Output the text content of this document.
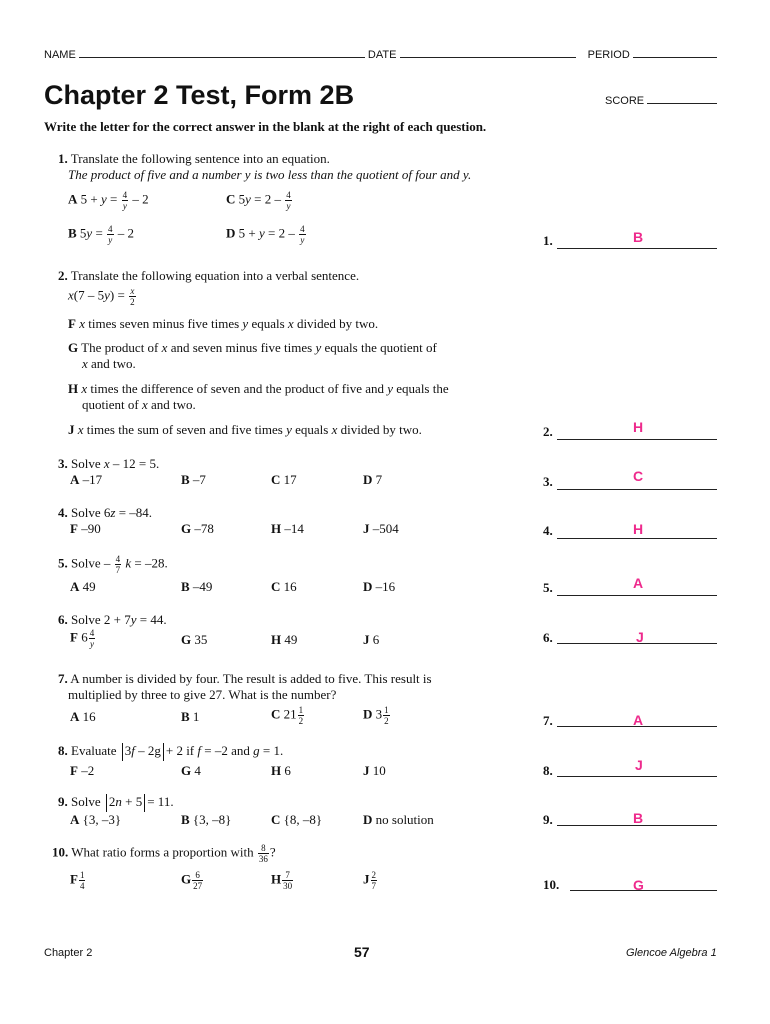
NAME	DATE	PERIOD
Chapter 2 Test, Form 2B	SCORE
Write the letter for the correct answer in the blank at the right of each question.
1. Translate the following sentence into an equation.
The product of five and a number y is two less than the quotient of four and y.
A $5 + y = \frac{4}{y} - 2$	C $5y = 2 - \frac{4}{y}$
B $5y = \frac{4}{y} - 2$	D $5 + y = 2 - \frac{4}{y}$
2. Translate the following equation into a verbal sentence.
$x(7 - 5y) = \frac{x}{2}$
F x times seven minus five times y equals x divided by two.
G The product of x and seven minus five times y equals the quotient of
x and two.
H x times the difference of seven and the product of five and y equals the
quotient of x and two.
J x times the sum of seven and five times y equals x divided by two.
3. Solve x – 12 = 5.
A –17	B –7	C 17	D 7
4. Solve 6z = –84.
F –90	G –78	H –14	J –504
5. Solve – $\frac{4}{7}$ k = –28.
A 49	B –49	C 16	D –16
6. Solve 2 + 7y = 44.
F $6 \frac{4}{y}$	G 35	H 49	J 6
7. A number is divided by four. The result is added to five. This result is
multiplied by three to give 27. What is the number?
A 16	B 1	C $21 \frac{1}{2}$	D $3 \frac{1}{2}$
8. Evaluate 3f – 2g + 2 if f = –2 and g = 1.
F –2	G 4	H 6	J 10
9. Solve 2n + 5 = 11.
A {3, –3}	B {3, –8}	C {8, –8}	D no solution
10. What ratio forms a proportion with $\frac{8}{36}$ ?
F $\frac{1}{4}$	G $\frac{6}{27}$	H $\frac{7}{30}$	J $\frac{2}{7}$
1.	B
2.	H
3.	C
4.	H
5.	A
6.	J
7.	A
8.	J
9.	B
10.	G
Chapter 2	57	Glencoe Algebra 1
